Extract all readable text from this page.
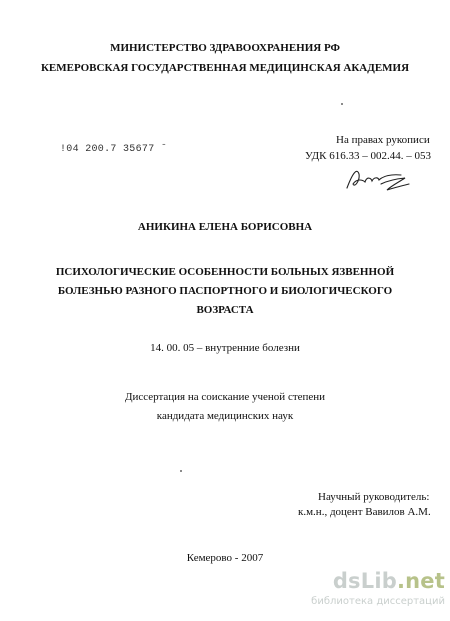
МИНИСТЕРСТВО ЗДРАВООХРАНЕНИЯ РФ
КЕМЕРОВСКАЯ ГОСУДАРСТВЕННАЯ МЕДИЦИНСКАЯ АКАДЕМИЯ
!04 200.7 35677 ˉ
На правах рукописи
УДК 616.33 – 002.44. – 053
АНИКИНА ЕЛЕНА БОРИСОВНА
ПСИХОЛОГИЧЕСКИЕ ОСОБЕННОСТИ БОЛЬНЫХ ЯЗВЕННОЙ
БОЛЕЗНЬЮ РАЗНОГО ПАСПОРТНОГО И БИОЛОГИЧЕСКОГО
ВОЗРАСТА
14. 00. 05 – внутренние болезни
Диссертация на соискание ученой степени
кандидата медицинских наук
Научный руководитель:
к.м.н., доцент Вавилов А.М.
Кемерово - 2007
dsLib.net
библиотека диссертаций
